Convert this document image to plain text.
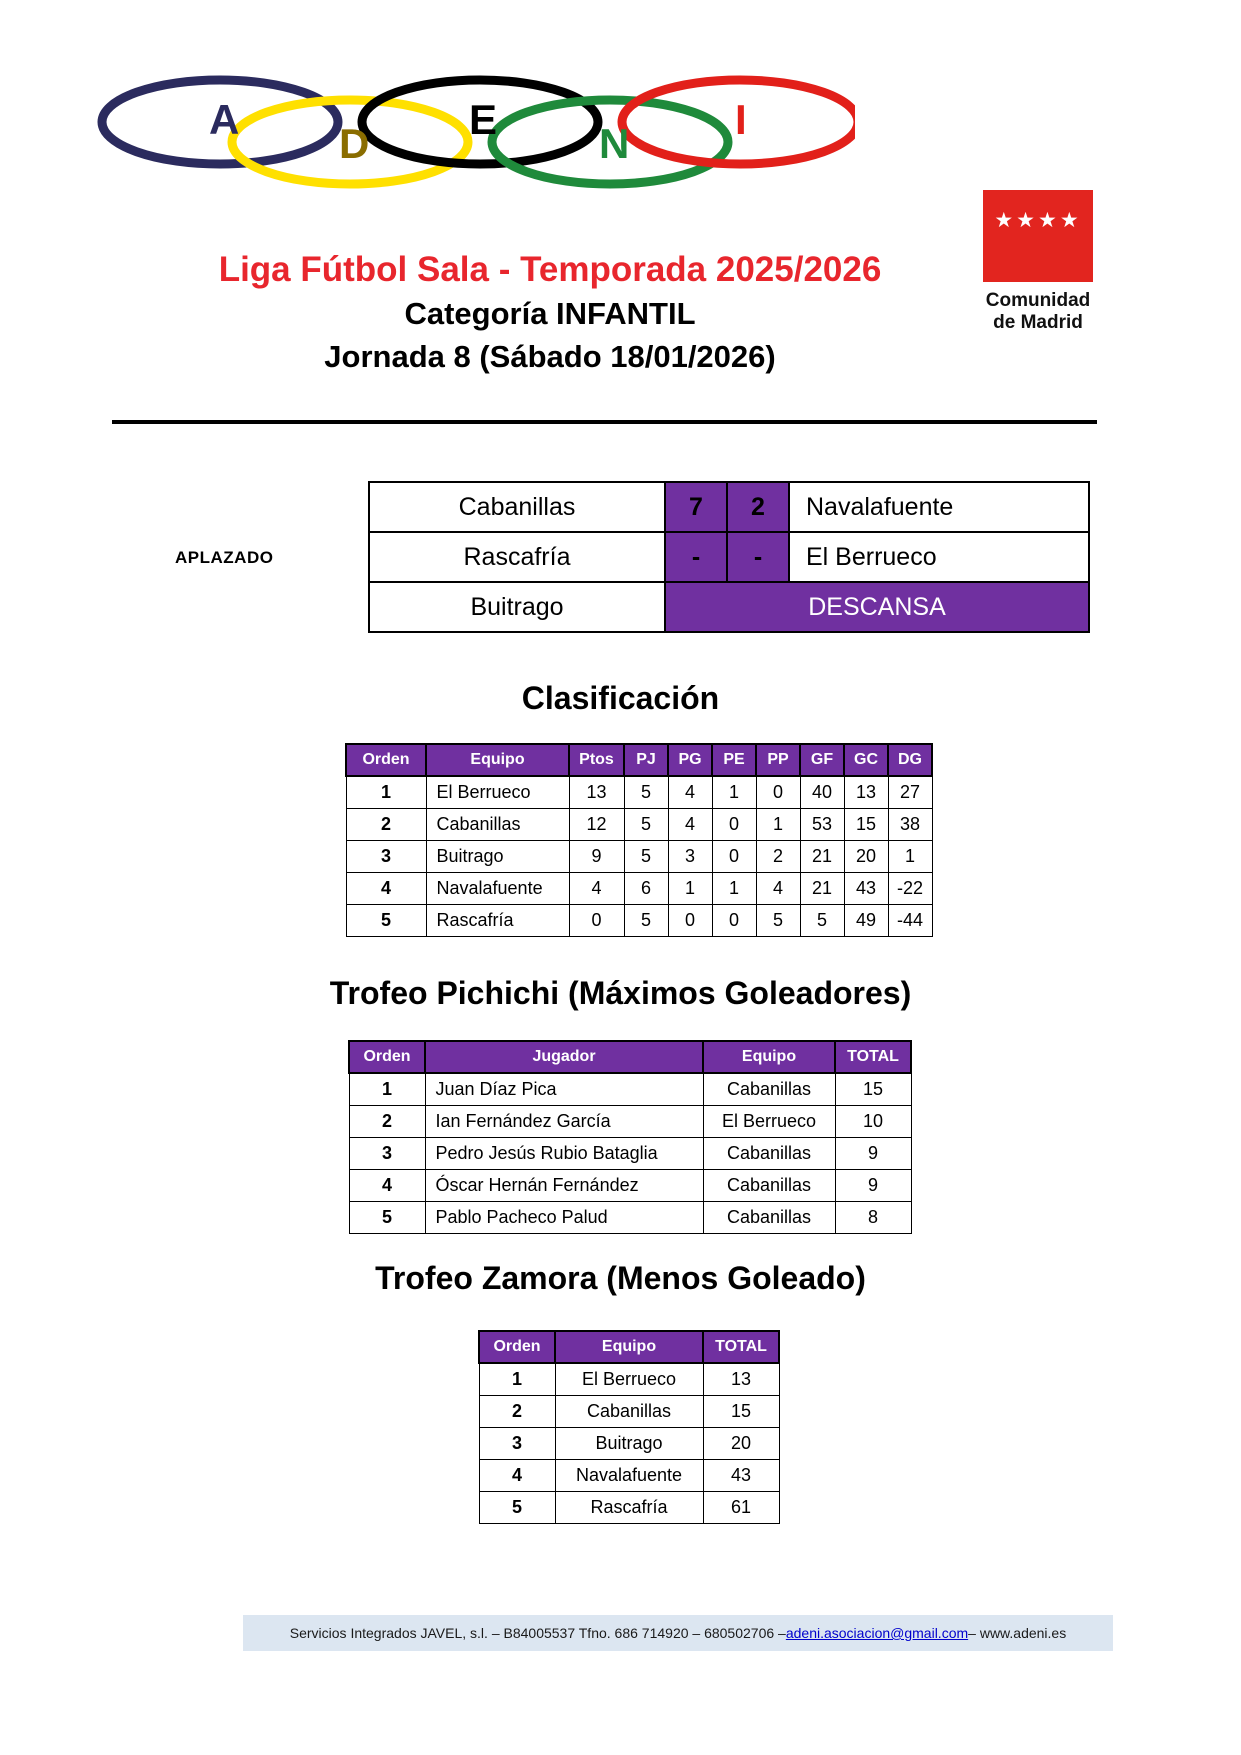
A
D
E
N
I
★★★★
Comunidad
de Madrid
Liga Fútbol Sala - Temporada 2025/2026
Categoría INFANTIL
Jornada 8 (Sábado 18/01/2026)
APLAZADO
Cabanillas	7	2	Navalafuente
Rascafría	-	-	El Berrueco
Buitrago	DESCANSA		
Clasificación
Orden	Equipo	Ptos	PJ	PG	PE	PP	GF	GC	DG
1	El Berrueco	13	5	4	1	0	40	13	27
2	Cabanillas	12	5	4	0	1	53	15	38
3	Buitrago	9	5	3	0	2	21	20	1
4	Navalafuente	4	6	1	1	4	21	43	-22
5	Rascafría	0	5	0	0	5	5	49	-44
Trofeo Pichichi (Máximos Goleadores)
Orden	Jugador	Equipo	TOTAL
1	Juan Díaz Pica	Cabanillas	15
2	Ian Fernández García	El Berrueco	10
3	Pedro Jesús Rubio Bataglia	Cabanillas	9
4	Óscar Hernán Fernández	Cabanillas	9
5	Pablo Pacheco Palud	Cabanillas	8
Trofeo Zamora (Menos Goleado)
Orden	Equipo	TOTAL
1	El Berrueco	13
2	Cabanillas	15
3	Buitrago	20
4	Navalafuente	43
5	Rascafría	61
Servicios Integrados JAVEL, s.l. – B84005537 Tfno. 686 714920 – 680502706 – adeni.asociacion@gmail.com – www.adeni.es
